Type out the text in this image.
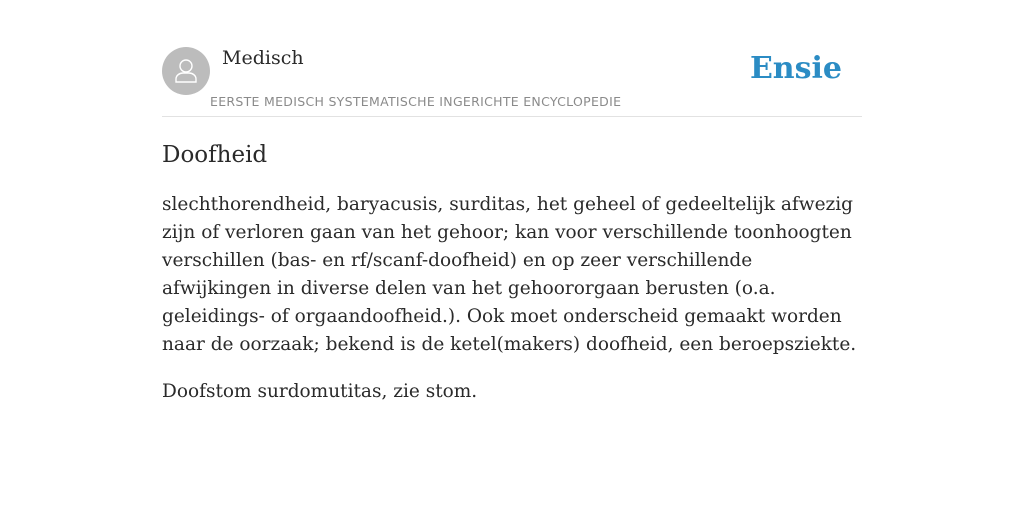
Medisch
EERSTE MEDISCH SYSTEMATISCHE INGERICHTE ENCYCLOPEDIE
Ensie
Doofheid

slechthorendheid, baryacusis, surditas, het geheel of gedeeltelijk afwezig zijn of verloren gaan van het gehoor; kan voor verschillende toonhoogten verschillen (bas- en rf/scanf-doofheid) en op zeer verschillende afwijkingen in diverse delen van het gehoororgaan berusten (o.a. geleidings- of orgaandoofheid.). Ook moet onderscheid gemaakt worden naar de oorzaak; bekend is de ketel(makers) doofheid, een beroepsziekte.

Doofstom surdomutitas, zie stom.
